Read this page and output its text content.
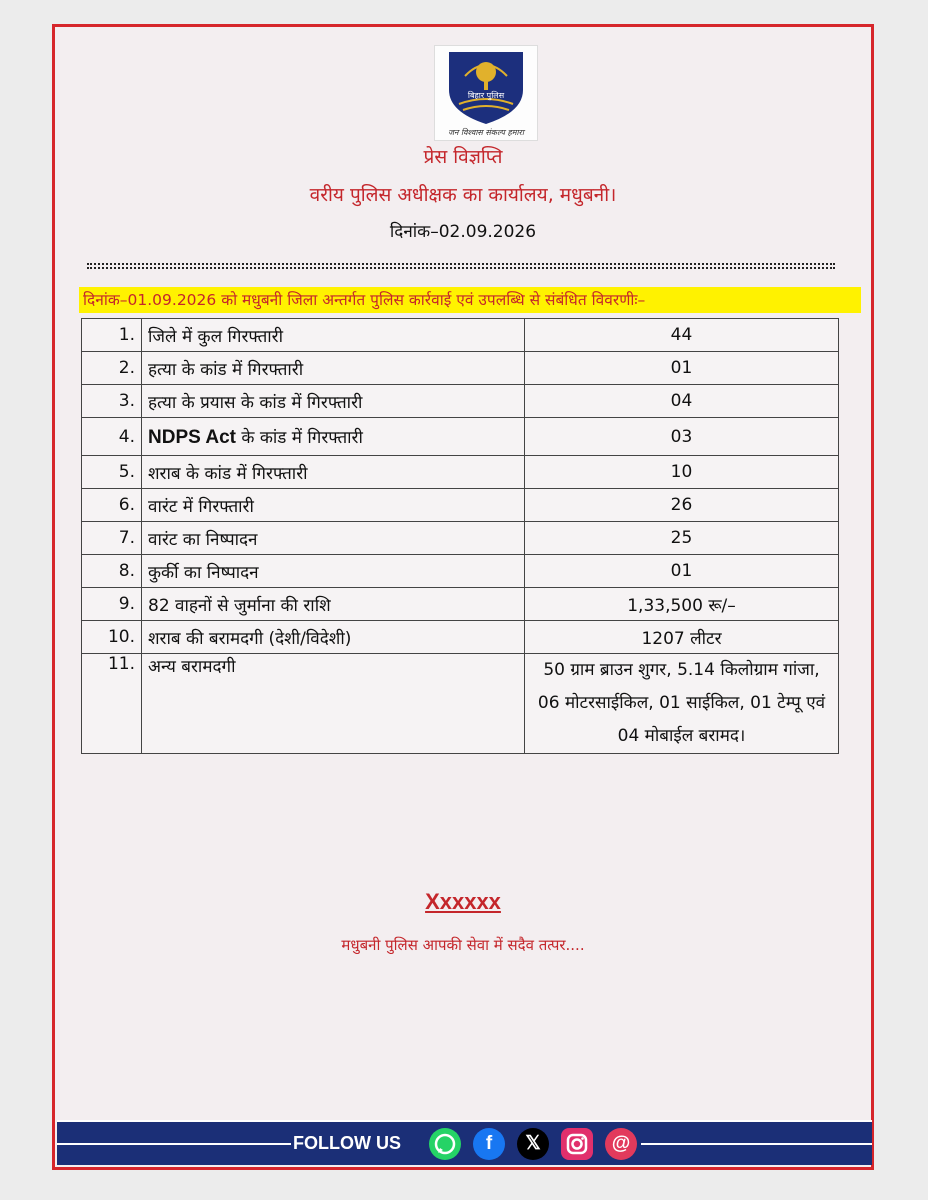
बिहार पुलिस
जन विश्वास संकल्प हमारा
प्रेस विज्ञप्ति
वरीय पुलिस अधीक्षक का कार्यालय, मधुबनी।
दिनांक–02.09.2026
दिनांक–01.09.2026 को मधुबनी जिला अन्तर्गत पुलिस कार्रवाई एवं उपलब्धि से संबंधित विवरणीः–
1.	जिले में कुल गिरफ्तारी	44
2.	हत्या के कांड में गिरफ्तारी	01
3.	हत्या के प्रयास के कांड में गिरफ्तारी	04
4.	NDPS Act के कांड में गिरफ्तारी	03
5.	शराब के कांड में गिरफ्तारी	10
6.	वारंट में गिरफ्तारी	26
7.	वारंट का निष्पादन	25
8.	कुर्की का निष्पादन	01
9.	82 वाहनों से जुर्माना की राशि	1,33,500 रू/–
10.	शराब की बरामदगी (देशी/विदेशी)	1207 लीटर
11.	अन्य बरामदगी	50 ग्राम ब्राउन शुगर, 5.14 किलोग्राम गांजा, 06 मोटरसाईकिल, 01 साईकिल, 01 टेम्पू एवं 04 मोबाईल बरामद।
Xxxxxx
मधुबनी पुलिस आपकी सेवा में सदैव तत्पर....
FOLLOW US	f	𝕏	@
